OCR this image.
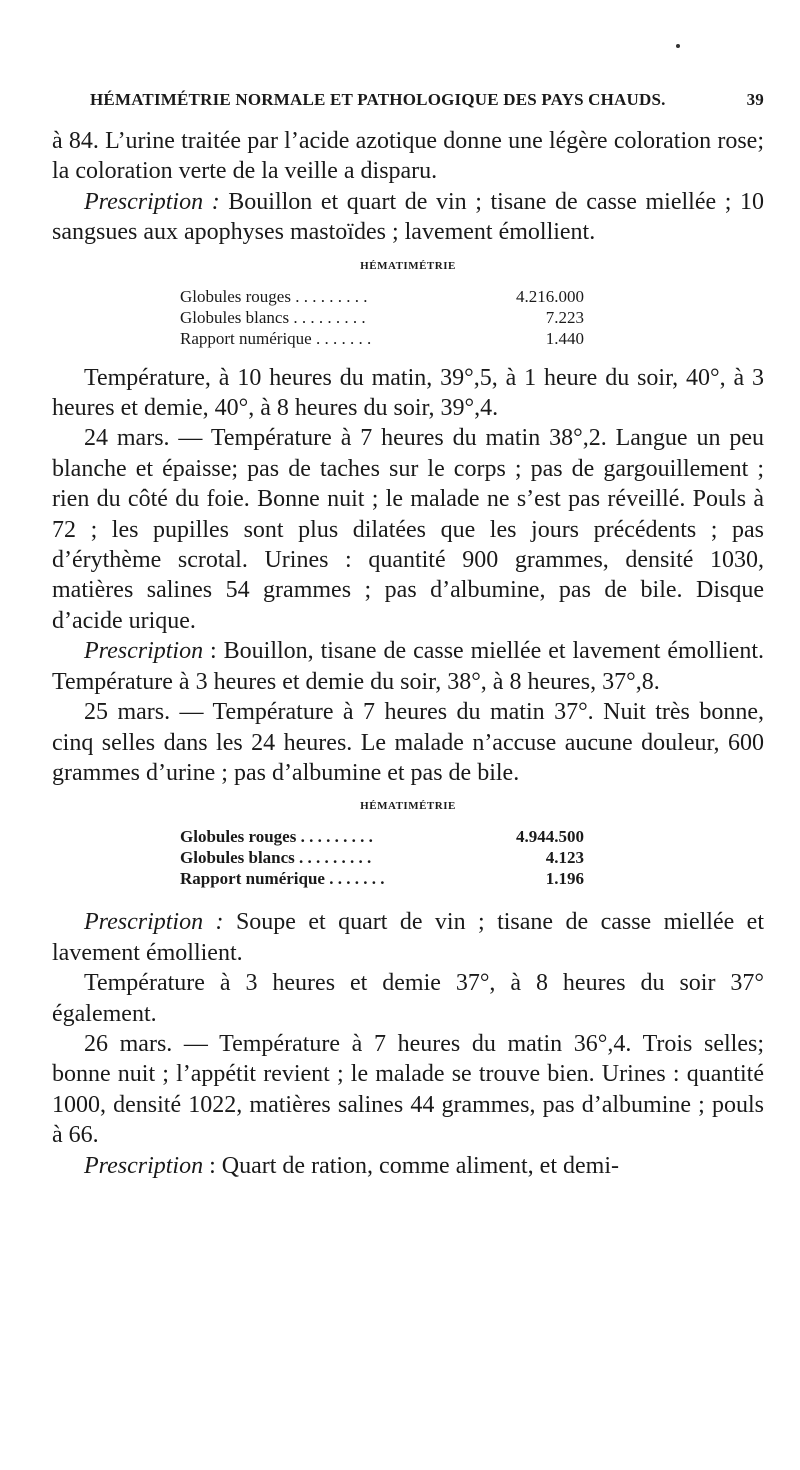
HÉMATIMÉTRIE NORMALE ET PATHOLOGIQUE DES PAYS CHAUDS.	39

à 84. L’urine traitée par l’acide azotique donne une légère coloration rose; la coloration verte de la veille a disparu.

Prescription : Bouillon et quart de vin ; tisane de casse miellée ; 10 sangsues aux apophyses mastoïdes ; lavement émollient.

HÉMATIMÉTRIE
Globules rouges . . . . . . . . .	4.216.000
Globules blancs . . . . . . . . .	7.223
Rapport numérique . . . . . . .	1.440

Température, à 10 heures du matin, 39°,5, à 1 heure du soir, 40°, à 3 heures et demie, 40°, à 8 heures du soir, 39°,4.

24 mars. — Température à 7 heures du matin 38°,2. Langue un peu blanche et épaisse; pas de taches sur le corps ; pas de gargouillement ; rien du côté du foie. Bonne nuit ; le malade ne s’est pas réveillé. Pouls à 72 ; les pupilles sont plus dilatées que les jours précédents ; pas d’érythème scrotal. Urines : quantité 900 grammes, densité 1030, matières salines 54 grammes ; pas d’albumine, pas de bile. Disque d’acide urique.

Prescription : Bouillon, tisane de casse miellée et lavement émollient. Température à 3 heures et demie du soir, 38°, à 8 heures, 37°,8.

25 mars. — Température à 7 heures du matin 37°. Nuit très bonne, cinq selles dans les 24 heures. Le malade n’accuse aucune douleur, 600 grammes d’urine ; pas d’albumine et pas de bile.

HÉMATIMÉTRIE
Globules rouges . . . . . . . . .	4.944.500
Globules blancs . . . . . . . . .	4.123
Rapport numérique . . . . . . .	1.196

Prescription : Soupe et quart de vin ; tisane de casse miellée et lavement émollient.

Température à 3 heures et demie 37°, à 8 heures du soir 37° également.

26 mars. — Température à 7 heures du matin 36°,4. Trois selles; bonne nuit ; l’appétit revient ; le malade se trouve bien. Urines : quantité 1000, densité 1022, matières salines 44 grammes, pas d’albumine ; pouls à 66.

Prescription : Quart de ration, comme aliment, et demi-
